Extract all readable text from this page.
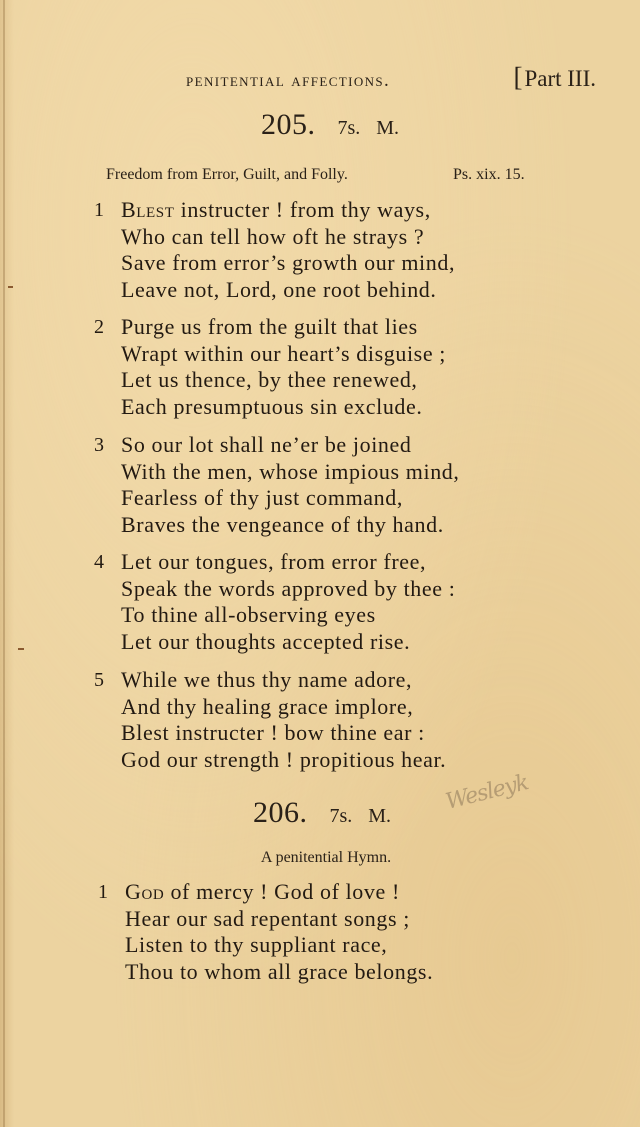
penitential affections.	[Part III.
205. 7s. M.
Freedom from Error, Guilt, and Folly.	Ps. xix. 15.
1 Blest instructer ! from thy ways,
Who can tell how oft he strays ?
Save from error’s growth our mind,
Leave not, Lord, one root behind.
2 Purge us from the guilt that lies
Wrapt within our heart’s disguise ;
Let us thence, by thee renewed,
Each presumptuous sin exclude.
3 So our lot shall ne’er be joined
With the men, whose impious mind,
Fearless of thy just command,
Braves the vengeance of thy hand.
4 Let our tongues, from error free,
Speak the words approved by thee :
To thine all-observing eyes
Let our thoughts accepted rise.
5 While we thus thy name adore,
And thy healing grace implore,
Blest instructer ! bow thine ear :
God our strength ! propitious hear.
206. 7s. M.
Wesleyk
A penitential Hymn.
1 God of mercy ! God of love !
Hear our sad repentant songs ;
Listen to thy suppliant race,
Thou to whom all grace belongs.
